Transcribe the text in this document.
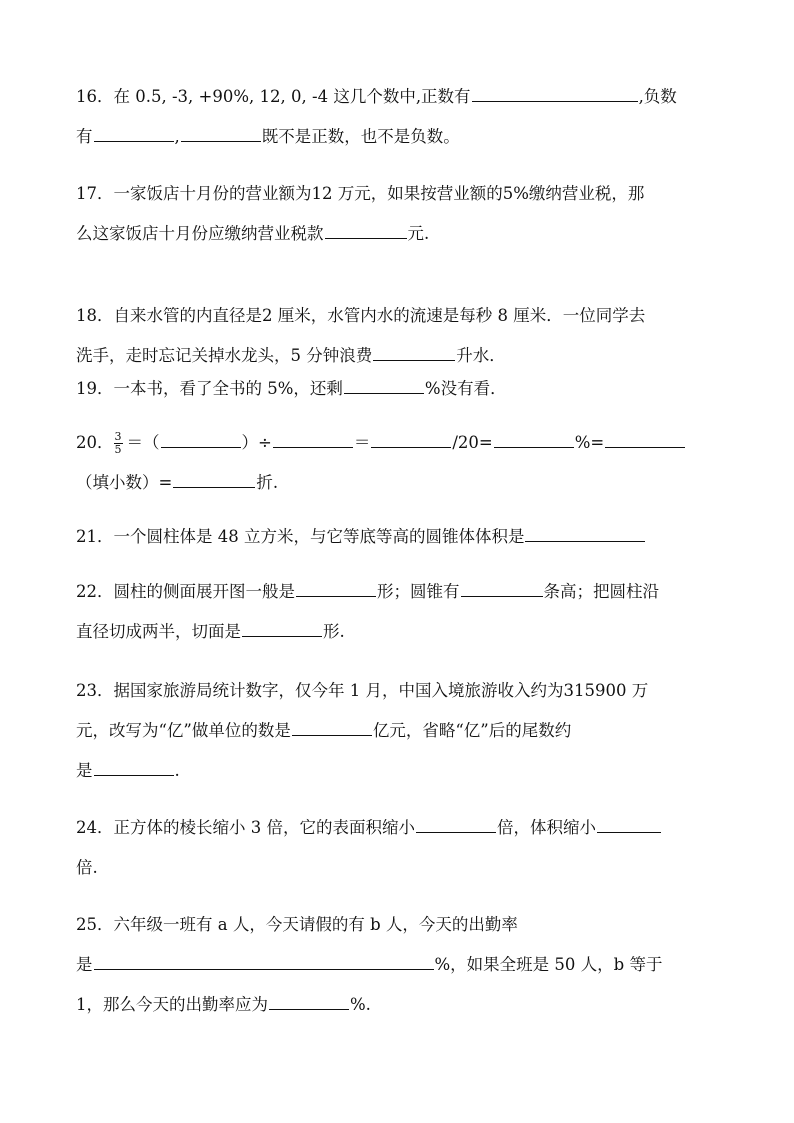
16．在 0.5, -3, +90%, 12, 0, -4 这几个数中,正数有	,负数
有	,	既不是正数，也不是负数。
17．一家饭店十月份的营业额为12 万元，如果按营业额的5%缴纳营业税，那
么这家饭店十月份应缴纳营业税款	元.
18．自来水管的内直径是2 厘米，水管内水的流速是每秒 8 厘米．一位同学去
洗手，走时忘记关掉水龙头，5 分钟浪费	升水．
19．一本书，看了全书的 5%，还剩	%没有看．
20． $\frac{3}{5}$ ＝（	）÷	＝	/20=	%=
（填小数）=	折.
21．一个圆柱体是 48 立方米，与它等底等高的圆锥体体积是
22．圆柱的侧面展开图一般是	形；圆锥有	条高；把圆柱沿
直径切成两半，切面是	形.
23．据国家旅游局统计数字，仅今年 1 月，中国入境旅游收入约为315900 万
元，改写为“亿”做单位的数是	亿元，省略“亿”后的尾数约
是	.
24．正方体的棱长缩小 3 倍，它的表面积缩小	倍，体积缩小
倍.
25．六年级一班有 a 人，今天请假的有 b 人，今天的出勤率
是	%，如果全班是 50 人，b 等于
1，那么今天的出勤率应为	%.
